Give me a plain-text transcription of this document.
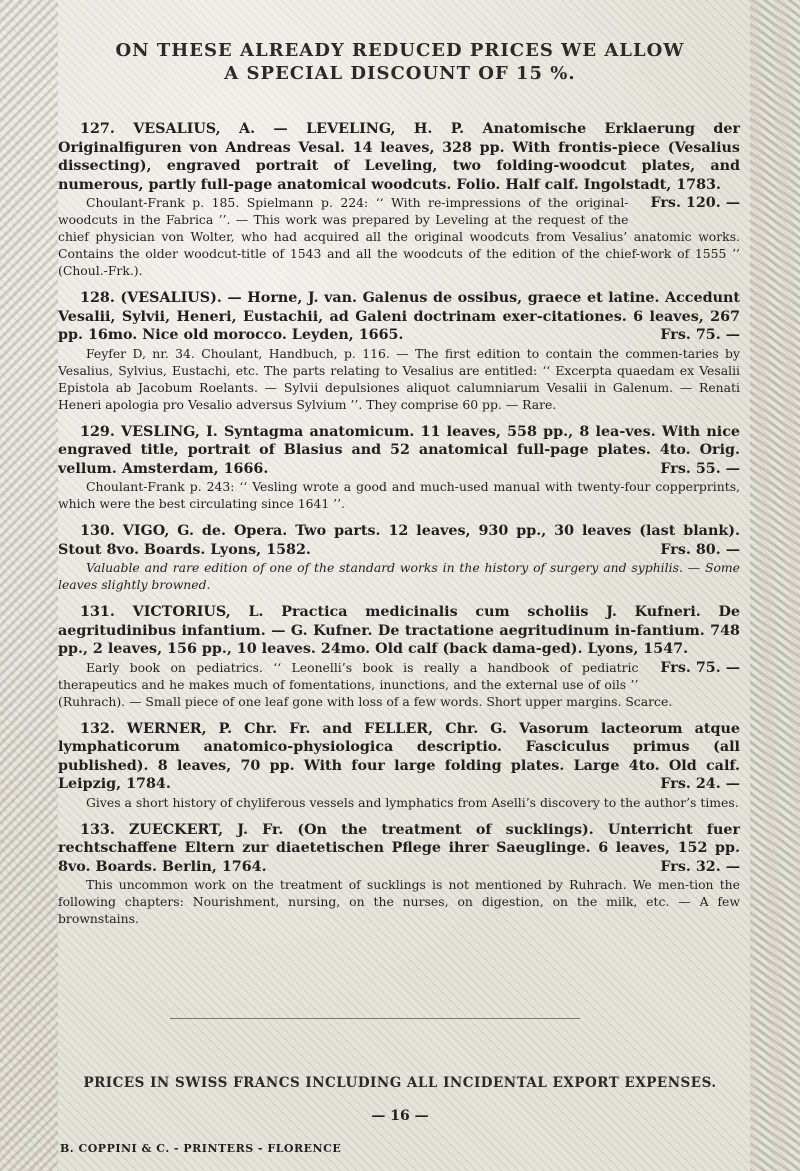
ON THESE ALREADY REDUCED PRICES WE ALLOW
A SPECIAL DISCOUNT OF 15 %.
127. VESALIUS, A. — LEVELING, H. P. Anatomische Erklaerung der Originalfiguren von Andreas Vesal. 14 leaves, 328 pp. With frontis-piece (Vesalius dissecting), engraved portrait of Leveling, two folding-woodcut plates, and numerous, partly full-page anatomical woodcuts. Folio. Half calf. Ingolstadt, 1783.
Frs. 120. —
Choulant-Frank p. 185. Spielmann p. 224: ‘‘ With re-impressions of the original-woodcuts in the Fabrica ’’. — This work was prepared by Leveling at the request of the chief physician von Wolter, who had acquired all the original woodcuts from Vesalius’ anatomic works. Contains the older woodcut-title of 1543 and all the woodcuts of the edition of the chief-work of 1555 ’’ (Choul.-Frk.).
128. (VESALIUS). — Horne, J. van. Galenus de ossibus, graece et latine. Accedunt Vesalii, Sylvii, Heneri, Eustachii, ad Galeni doctrinam exer-citationes. 6 leaves, 267 pp. 16mo. Nice old morocco. Leyden, 1665.	Frs. 75. —
Feyfer D, nr. 34. Choulant, Handbuch, p. 116. — The first edition to contain the commen-taries by Vesalius, Sylvius, Eustachi, etc. The parts relating to Vesalius are entitled: ‘‘ Excerpta quaedam ex Vesalii Epistola ab Jacobum Roelants. — Sylvii depulsiones aliquot calumniarum Vesalii in Galenum. — Renati Heneri apologia pro Vesalio adversus Sylvium ’’. They comprise 60 pp. — Rare.
129. VESLING, I. Syntagma anatomicum. 11 leaves, 558 pp., 8 lea-ves. With nice engraved title, portrait of Blasius and 52 anatomical full-page plates. 4to. Orig. vellum. Amsterdam, 1666.	Frs. 55. —
Choulant-Frank p. 243: ‘‘ Vesling wrote a good and much-used manual with twenty-four copperprints, which were the best circulating since 1641 ’’.
130. VIGO, G. de. Opera. Two parts. 12 leaves, 930 pp., 30 leaves (last blank). Stout 8vo. Boards. Lyons, 1582.	Frs. 80. —
Valuable and rare edition of one of the standard works in the history of surgery and syphilis. — Some leaves slightly browned.
131. VICTORIUS, L. Practica medicinalis cum scholiis J. Kufneri. De aegritudinibus infantium. — G. Kufner. De tractatione aegritudinum in-fantium. 748 pp., 2 leaves, 156 pp., 10 leaves. 24mo. Old calf (back dama-ged). Lyons, 1547.
Frs. 75. —
Early book on pediatrics. ‘‘ Leonelli’s book is really a handbook of pediatric therapeutics and he makes much of fomentations, inunctions, and the external use of oils ’’ (Ruhrach). — Small piece of one leaf gone with loss of a few words. Short upper margins. Scarce.
132. WERNER, P. Chr. Fr. and FELLER, Chr. G. Vasorum lacteorum atque lymphaticorum anatomico-physiologica descriptio. Fasciculus primus (all published). 8 leaves, 70 pp. With four large folding plates. Large 4to. Old calf. Leipzig, 1784.	Frs. 24. —
Gives a short history of chyliferous vessels and lymphatics from Aselli’s discovery to the author’s times.
133. ZUECKERT, J. Fr. (On the treatment of sucklings). Unterricht fuer rechtschaffene Eltern zur diaetetischen Pflege ihrer Saeuglinge. 6 leaves, 152 pp. 8vo. Boards. Berlin, 1764.	Frs. 32. —
This uncommon work on the treatment of sucklings is not mentioned by Ruhrach. We men-tion the following chapters: Nourishment, nursing, on the nurses, on digestion, on the milk, etc. — A few brownstains.
PRICES IN SWISS FRANCS INCLUDING ALL INCIDENTAL EXPORT EXPENSES.
— 16 —
B. COPPINI & C. - PRINTERS - FLORENCE
